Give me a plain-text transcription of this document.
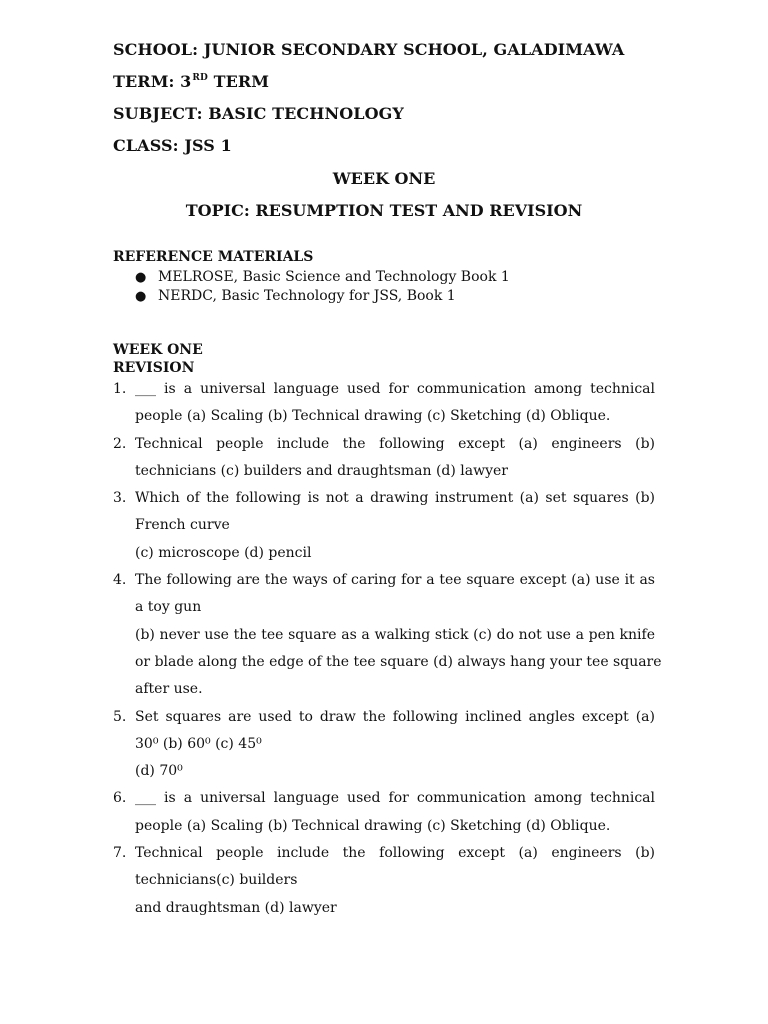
SCHOOL: JUNIOR SECONDARY SCHOOL, GALADIMAWA
TERM: 3RD TERM
SUBJECT: BASIC TECHNOLOGY
CLASS: JSS 1
WEEK ONE
TOPIC: RESUMPTION TEST AND REVISION
REFERENCE MATERIALS
● MELROSE, Basic Science and Technology Book 1
● NERDC, Basic Technology for JSS, Book 1
WEEK ONE
REVISION
1. ___ is a universal language used for communication among technical
people (a) Scaling (b) Technical drawing (c) Sketching (d) Oblique.
2. Technical people include the following except (a) engineers (b)
technicians (c) builders and draughtsman (d) lawyer
3. Which of the following is not a drawing instrument (a) set squares (b)
French curve
(c) microscope (d) pencil
4. The following are the ways of caring for a tee square except (a) use it as
a toy gun
(b) never use the tee square as a walking stick (c) do not use a pen knife
or blade along the edge of the tee square (d) always hang your tee square
after use.
5. Set squares are used to draw the following inclined angles except (a)
30⁰ (b) 60⁰ (c) 45⁰
(d) 70⁰
6. ___ is a universal language used for communication among technical
people (a) Scaling (b) Technical drawing (c) Sketching (d) Oblique.
7. Technical people include the following except (a) engineers (b)
technicians(c) builders
and draughtsman (d) lawyer
